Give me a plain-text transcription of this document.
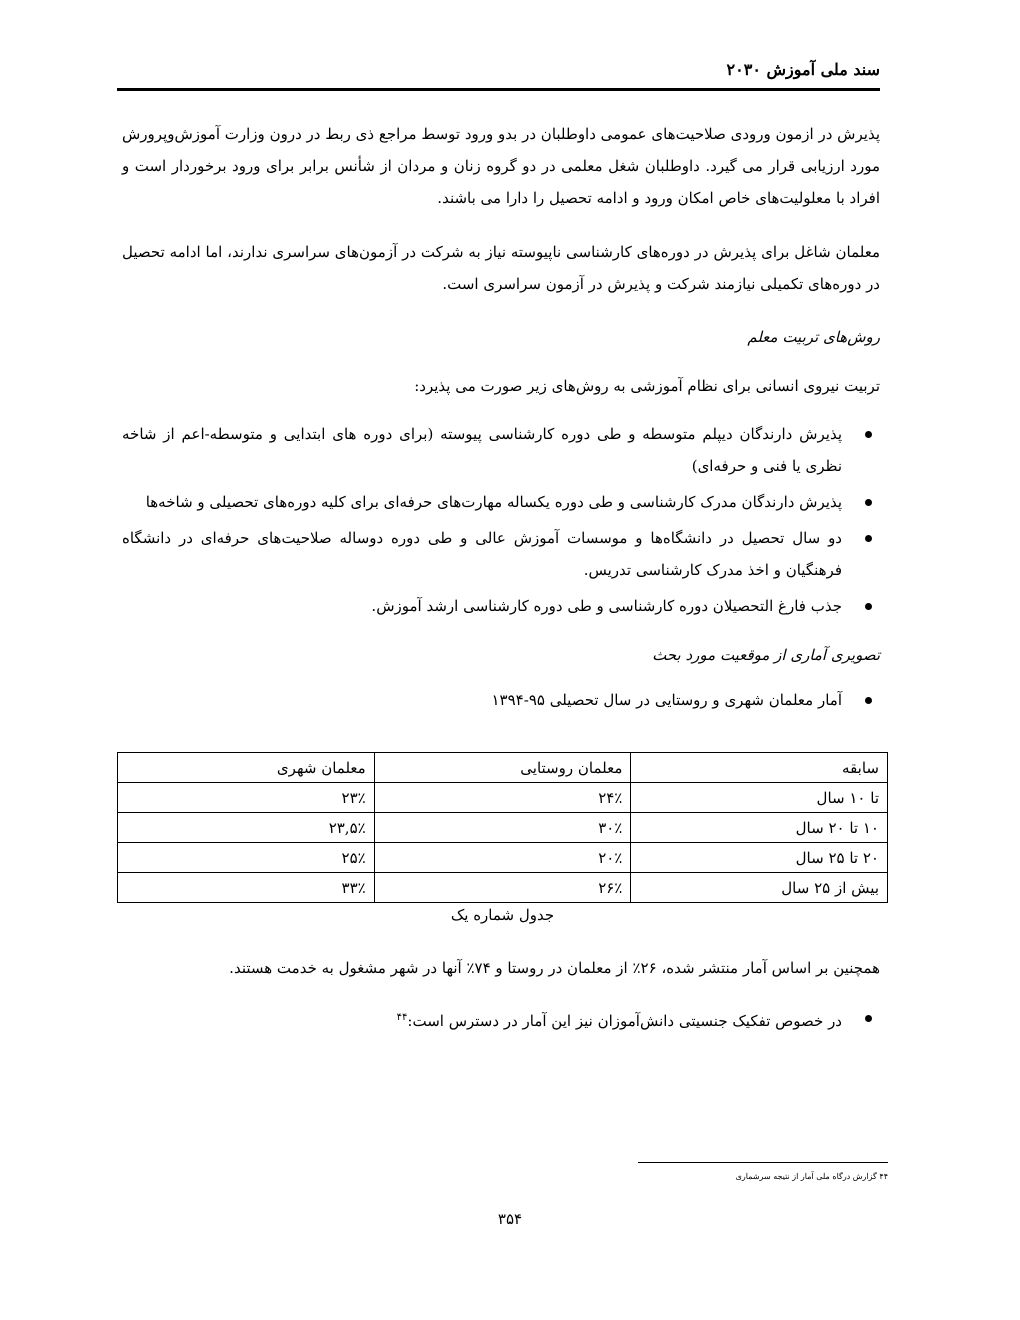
سند ملی آموزش ۲۰۳۰

پذیرش در ازمون ورودی صلاحیت‌های عمومی داوطلبان در بدو ورود توسط مراجع ذی ربط در درون وزارت آموزش‌وپرورش مورد ارزیابی قرار می گیرد. داوطلبان شغل معلمی در دو گروه زنان و مردان از شأنس برابر برای ورود برخوردار است و افراد با معلولیت‌های خاص امکان ورود و ادامه تحصیل را دارا می باشند.

معلمان شاغل برای پذیرش در دوره‌های کارشناسی ناپیوسته نیاز به شرکت در آزمون‌های سراسری ندارند، اما ادامه تحصیل در دوره‌های تکمیلی نیازمند شرکت و پذیرش در آزمون سراسری است.

روش‌های تربیت معلم

تربیت نیروی انسانی برای نظام آموزشی به روش‌های زیر صورت می پذیرد:

پذیرش دارندگان دیپلم متوسطه و طی دوره کارشناسی پیوسته (برای دوره های ابتدایی و متوسطه-اعم از شاخه نظری یا فنی و حرفه‌ای)
پذیرش دارندگان مدرک کارشناسی و طی دوره یکساله مهارت‌های حرفه‌ای برای کلیه دوره‌های تحصیلی و شاخه‌ها
دو سال تحصیل در دانشگاه‌ها و موسسات آموزش عالی و طی دوره دوساله صلاحیت‌های حرفه‌ای در دانشگاه فرهنگیان و اخذ مدرک کارشناسی تدریس.
جذب فارغ التحصیلان دوره کارشناسی و طی دوره کارشناسی ارشد آموزش.

تصویری آماری از موقعیت مورد بحث

آمار معلمان شهری و روستایی در سال تحصیلی ۹۵-۱۳۹۴
سابقه	معلمان روستایی	معلمان شهری
تا ۱۰ سال	۲۴٪	۲۳٪
۱۰ تا ۲۰ سال	۳۰٪	۲۳,۵٪
۲۰ تا ۲۵ سال	۲۰٪	۲۵٪
بیش از ۲۵ سال	۲۶٪	۳۳٪
جدول شماره یک

همچنین بر اساس آمار منتشر شده، ۲۶٪ از معلمان در روستا و ۷۴٪ آنها در شهر مشغول به خدمت هستند.

در خصوص تفکیک جنسیتی دانش‌آموزان نیز این آمار در دسترس است:$^{۴۴}$
۴۴ گزارش درگاه ملی آمار از نتیجه سرشماری
۳۵۴
